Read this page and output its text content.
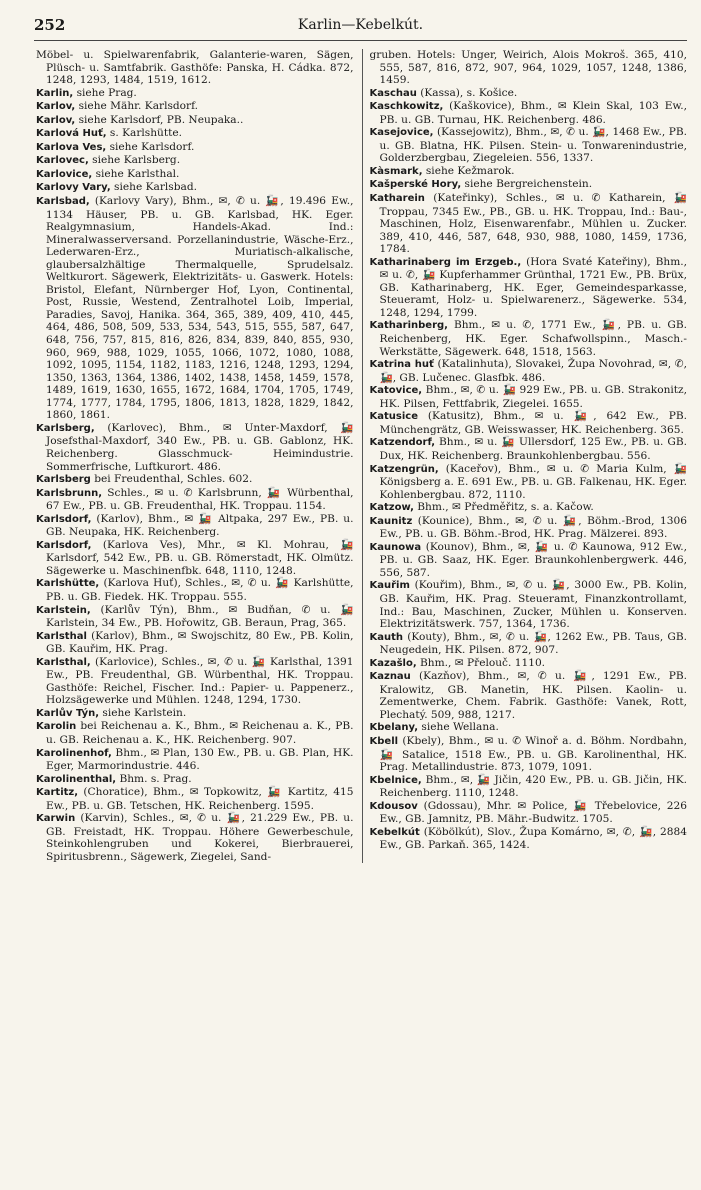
252	Karlin—Kebelkút.

Möbel- u. Spielwarenfabrik, Galanterie-waren, Sägen, Plüsch- u. Samtfabrik. Gasthöfe: Panska, H. Cádka. 872, 1248, 1293, 1484, 1519, 1612.

Karlin, siehe Prag.

Karlov, siehe Mähr. Karlsdorf.

Karlov, siehe Karlsdorf, PB. Neupaka..

Karlová Huť, s. Karlshütte.

Karlova Ves, siehe Karlsdorf.

Karlovec, siehe Karlsberg.

Karlovice, siehe Karlsthal.

Karlovy Vary, siehe Karlsbad.

Karlsbad, (Karlovy Vary), Bhm., ✉, ✆ u. 🚂, 19.496 Ew., 1134 Häuser, PB. u. GB. Karlsbad, HK. Eger. Realgymnasium, Handels-Akad. Ind.: Mineralwasserversand. Porzellanindustrie, Wäsche-Erz., Lederwaren-Erz., Muriatisch-alkalische, glaubersalzhältige Thermalquelle, Sprudelsalz. Weltkurort. Sägewerk, Elektrizitäts- u. Gaswerk. Hotels: Bristol, Elefant, Nürnberger Hof, Lyon, Continental, Post, Russie, Westend, Zentralhotel Loib, Imperial, Paradies, Savoj, Hanika. 364, 365, 389, 409, 410, 445, 464, 486, 508, 509, 533, 534, 543, 515, 555, 587, 647, 648, 756, 757, 815, 816, 826, 834, 839, 840, 855, 930, 960, 969, 988, 1029, 1055, 1066, 1072, 1080, 1088, 1092, 1095, 1154, 1182, 1183, 1216, 1248, 1293, 1294, 1350, 1363, 1364, 1386, 1402, 1438, 1458, 1459, 1578, 1489, 1619, 1630, 1655, 1672, 1684, 1704, 1705, 1749, 1774, 1777, 1784, 1795, 1806, 1813, 1828, 1829, 1842, 1860, 1861.

Karlsberg, (Karlovec), Bhm., ✉ Unter-Maxdorf, 🚂 Josefsthal-Maxdorf, 340 Ew., PB. u. GB. Gablonz, HK. Reichenberg. Glasschmuck- Heimindustrie. Sommerfrische, Luftkurort. 486.

Karlsberg bei Freudenthal, Schles. 602.

Karlsbrunn, Schles., ✉ u. ✆ Karlsbrunn, 🚂 Würbenthal, 67 Ew., PB. u. GB. Freudenthal, HK. Troppau. 1154.

Karlsdorf, (Karlov), Bhm., ✉ 🚂 Altpaka, 297 Ew., PB. u. GB. Neupaka, HK. Reichenberg.

Karlsdorf, (Karlova Ves), Mhr., ✉ Kl. Mohrau, 🚂 Karlsdorf, 542 Ew., PB. u. GB. Römerstadt, HK. Olmütz. Sägewerke u. Maschinenfbk. 648, 1110, 1248.

Karlshütte, (Karlova Huť), Schles., ✉, ✆ u. 🚂 Karlshütte, PB. u. GB. Fiedek. HK. Troppau. 555.

Karlstein, (Karlův Týn), Bhm., ✉ Budňan, ✆ u. 🚂 Karlstein, 34 Ew., PB. Hořowitz, GB. Beraun, Prag, 365.

Karlsthal (Karlov), Bhm., ✉ Swojschitz, 80 Ew., PB. Kolin, GB. Kauřim, HK. Prag.

Karlsthal, (Karlovice), Schles., ✉, ✆ u. 🚂 Karlsthal, 1391 Ew., PB. Freudenthal, GB. Würbenthal, HK. Troppau. Gasthöfe: Reichel, Fischer. Ind.: Papier- u. Pappenerz., Holzsägewerke und Mühlen. 1248, 1294, 1730.

Karlův Týn, siehe Karlstein.

Karolin bei Reichenau a. K., Bhm., ✉ Reichenau a. K., PB. u. GB. Reichenau a. K., HK. Reichenberg. 907.

Karolinenhof, Bhm., ✉ Plan, 130 Ew., PB. u. GB. Plan, HK. Eger, Marmorindustrie. 446.

Karolinenthal, Bhm. s. Prag.

Kartitz, (Choratice), Bhm., ✉ Topkowitz, 🚂 Kartitz, 415 Ew., PB. u. GB. Tetschen, HK. Reichenberg. 1595.

Karwin (Karvin), Schles., ✉, ✆ u. 🚂, 21.229 Ew., PB. u. GB. Freistadt, HK. Troppau. Höhere Gewerbeschule, Steinkohlengruben und Kokerei, Bierbrauerei, Spiritusbrenn., Sägewerk, Ziegelei, Sand-

gruben. Hotels: Unger, Weirich, Alois Mokroš. 365, 410, 555, 587, 816, 872, 907, 964, 1029, 1057, 1248, 1386, 1459.

Kaschau (Kassa), s. Košice.

Kaschkowitz, (Kaškovice), Bhm., ✉ Klein Skal, 103 Ew., PB. u. GB. Turnau, HK. Reichenberg. 486.

Kasejovice, (Kassejowitz), Bhm., ✉, ✆ u. 🚂, 1468 Ew., PB. u. GB. Blatna, HK. Pilsen. Stein- u. Tonwarenindustrie, Golderzbergbau, Ziegeleien. 556, 1337.

Kàsmark, siehe Kežmarok.

Kašperské Hory, siehe Bergreichenstein.

Katharein (Kateřinky), Schles., ✉ u. ✆ Katharein, 🚂 Troppau, 7345 Ew., PB., GB. u. HK. Troppau, Ind.: Bau-, Maschinen, Holz, Eisenwarenfabr., Mühlen u. Zucker. 389, 410, 446, 587, 648, 930, 988, 1080, 1459, 1736, 1784.

Katharinaberg im Erzgeb., (Hora Svaté Kateřiny), Bhm., ✉ u. ✆, 🚂 Kupferhammer Grünthal, 1721 Ew., PB. Brüx, GB. Katharinaberg, HK. Eger, Gemeindesparkasse, Steueramt, Holz- u. Spielwarenerz., Sägewerke. 534, 1248, 1294, 1799.

Katharinberg, Bhm., ✉ u. ✆, 1771 Ew., 🚂, PB. u. GB. Reichenberg, HK. Eger. Schafwollspinn., Masch.-Werkstätte, Sägewerk. 648, 1518, 1563.

Katrina huť (Katalinhuta), Slovakei, Župa Novohrad, ✉, ✆, 🚂, GB. Lučenec. Glasfbk. 486.

Katovice, Bhm., ✉, ✆ u. 🚂 929 Ew., PB. u. GB. Strakonitz, HK. Pilsen, Fettfabrik, Ziegelei. 1655.

Katusice (Katusitz), Bhm., ✉ u. 🚂, 642 Ew., PB. Münchengrätz, GB. Weisswasser, HK. Reichenberg. 365.

Katzendorf, Bhm., ✉ u. 🚂 Ullersdorf, 125 Ew., PB. u. GB. Dux, HK. Reichenberg. Braunkohlenbergbau. 556.

Katzengrün, (Kaceřov), Bhm., ✉ u. ✆ Maria Kulm, 🚂 Königsberg a. E. 691 Ew., PB. u. GB. Falkenau, HK. Eger. Kohlenbergbau. 872, 1110.

Katzow, Bhm., ✉ Předměřitz, s. a. Kačow.

Kaunitz (Kounice), Bhm., ✉, ✆ u. 🚂, Böhm.-Brod, 1306 Ew., PB. u. GB. Böhm.-Brod, HK. Prag. Mälzerei. 893.

Kaunowa (Kounov), Bhm., ✉, 🚂 u. ✆ Kaunowa, 912 Ew., PB. u. GB. Saaz, HK. Eger. Braunkohlenbergwerk. 446, 556, 587.

Kauřim (Kouřim), Bhm., ✉, ✆ u. 🚂, 3000 Ew., PB. Kolin, GB. Kauřim, HK. Prag. Steueramt, Finanzkontrollamt, Ind.: Bau, Maschinen, Zucker, Mühlen u. Konserven. Elektrizitätswerk. 757, 1364, 1736.

Kauth (Kouty), Bhm., ✉, ✆ u. 🚂, 1262 Ew., PB. Taus, GB. Neugedein, HK. Pilsen. 872, 907.

Kazašlo, Bhm., ✉ Přelouč. 1110.

Kaznau (Kazňov), Bhm., ✉, ✆ u. 🚂, 1291 Ew., PB. Kralowitz, GB. Manetin, HK. Pilsen. Kaolin- u. Zementwerke, Chem. Fabrik. Gasthöfe: Vanek, Rott, Plechatý. 509, 988, 1217.

Kbelany, siehe Wellana.

Kbell (Kbely), Bhm., ✉ u. ✆ Winoř a. d. Böhm. Nordbahn, 🚂 Satalice, 1518 Ew., PB. u. GB. Karolinenthal, HK. Prag. Metallindustrie. 873, 1079, 1091.

Kbelnice, Bhm., ✉, 🚂 Jičin, 420 Ew., PB. u. GB. Jičin, HK. Reichenberg. 1110, 1248.

Kdousov (Gdossau), Mhr. ✉ Police, 🚂 Třebelovice, 226 Ew., GB. Jamnitz, PB. Mähr.-Budwitz. 1705.

Kebelkút (Köbölkút), Slov., Župa Komárno, ✉, ✆, 🚂, 2884 Ew., GB. Parkaň. 365, 1424.
